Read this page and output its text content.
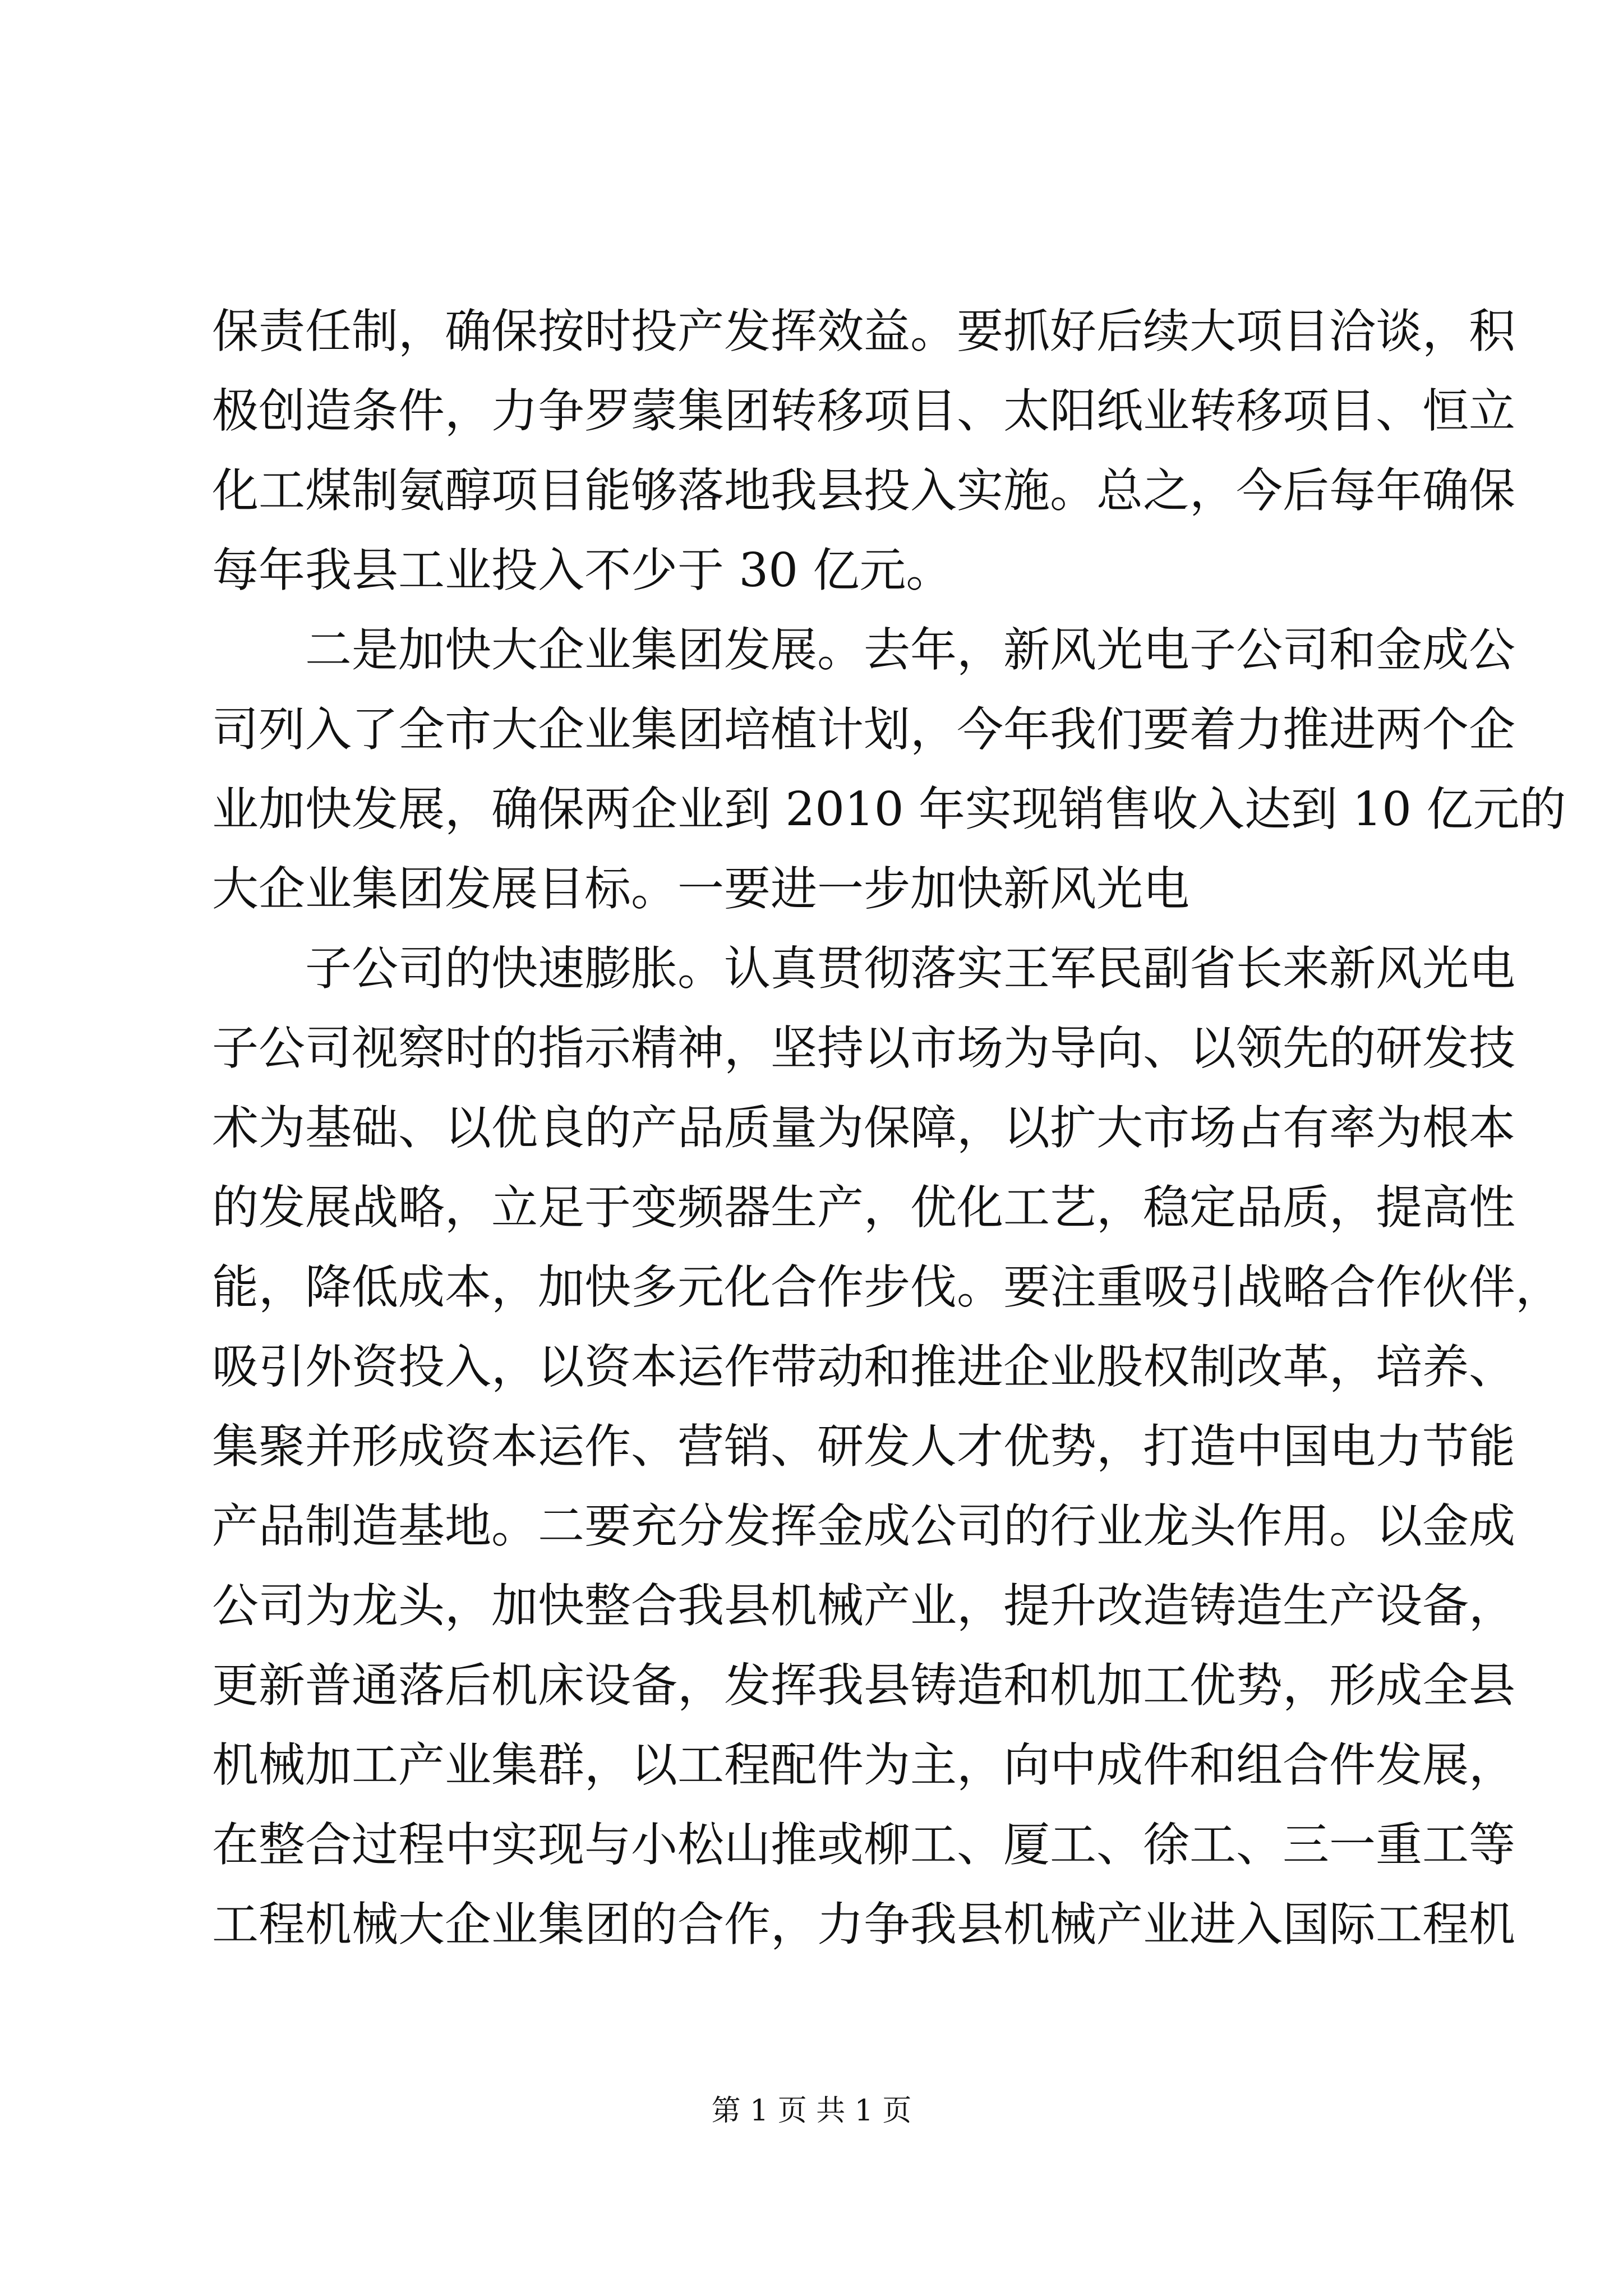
保责任制，确保按时投产发挥效益。要抓好后续大项目洽谈，积
极创造条件，力争罗蒙集团转移项目、太阳纸业转移项目、恒立
化工煤制氨醇项目能够落地我县投入实施。总之，今后每年确保
每年我县工业投入不少于 30 亿元。
二是加快大企业集团发展。去年，新风光电子公司和金成公
司列入了全市大企业集团培植计划，今年我们要着力推进两个企
业加快发展，确保两企业到 2010 年实现销售收入达到 10 亿元的
大企业集团发展目标。一要进一步加快新风光电
子公司的快速膨胀。认真贯彻落实王军民副省长来新风光电
子公司视察时的指示精神，坚持以市场为导向、以领先的研发技
术为基础、以优良的产品质量为保障，以扩大市场占有率为根本
的发展战略，立足于变频器生产，优化工艺，稳定品质，提高性
能，降低成本，加快多元化合作步伐。要注重吸引战略合作伙伴，
吸引外资投入，以资本运作带动和推进企业股权制改革，培养、
集聚并形成资本运作、营销、研发人才优势，打造中国电力节能
产品制造基地。二要充分发挥金成公司的行业龙头作用。以金成
公司为龙头，加快整合我县机械产业，提升改造铸造生产设备，
更新普通落后机床设备，发挥我县铸造和机加工优势，形成全县
机械加工产业集群，以工程配件为主，向中成件和组合件发展，
在整合过程中实现与小松山推或柳工、厦工、徐工、三一重工等
工程机械大企业集团的合作，力争我县机械产业进入国际工程机
第 1 页 共 1 页
